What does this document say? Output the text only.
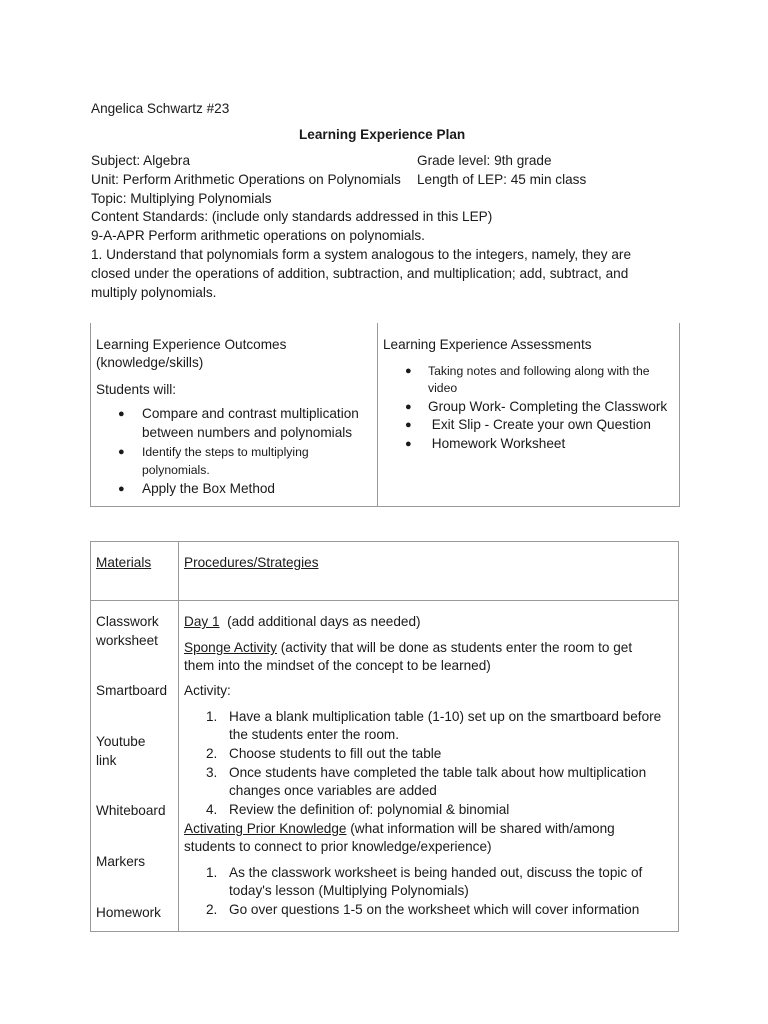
Angelica Schwartz #23
Learning Experience Plan
Subject: Algebra	Grade level: 9th grade
Unit: Perform Arithmetic Operations on Polynomials Length of LEP: 45 min class
Topic: Multiplying Polynomials
Content Standards: (include only standards addressed in this LEP)
9-A-APR Perform arithmetic operations on polynomials.
1. Understand that polynomials form a system analogous to the integers, namely, they are
closed under the operations of addition, subtraction, and multiplication; add, subtract, and
multiply polynomials.
Learning Experience Outcomes
(knowledge/skills)
Students will:
● Compare and contrast multiplication
between numbers and polynomials
● Identify the steps to multiplying
polynomials.
● Apply the Box Method
Learning Experience Assessments
● Taking notes and following along with the
video
● Group Work- Completing the Classwork
● Exit Slip - Create your own Question
● Homework Worksheet
Materials Procedures/Strategies
Classwork
worksheet
Smartboard
Youtube
link
Whiteboard
Markers
Homework
Day 1  (add additional days as needed)
Sponge Activity (activity that will be done as students enter the room to get
them into the mindset of the concept to be learned)
Activity:
1. Have a blank multiplication table (1-10) set up on the smartboard before
the students enter the room.
2. Choose students to fill out the table
3. Once students have completed the table talk about how multiplication
changes once variables are added
4. Review the definition of: polynomial & binomial
Activating Prior Knowledge (what information will be shared with/among
students to connect to prior knowledge/experience)
1. As the classwork worksheet is being handed out, discuss the topic of
today's lesson (Multiplying Polynomials)
2. Go over questions 1-5 on the worksheet which will cover information
